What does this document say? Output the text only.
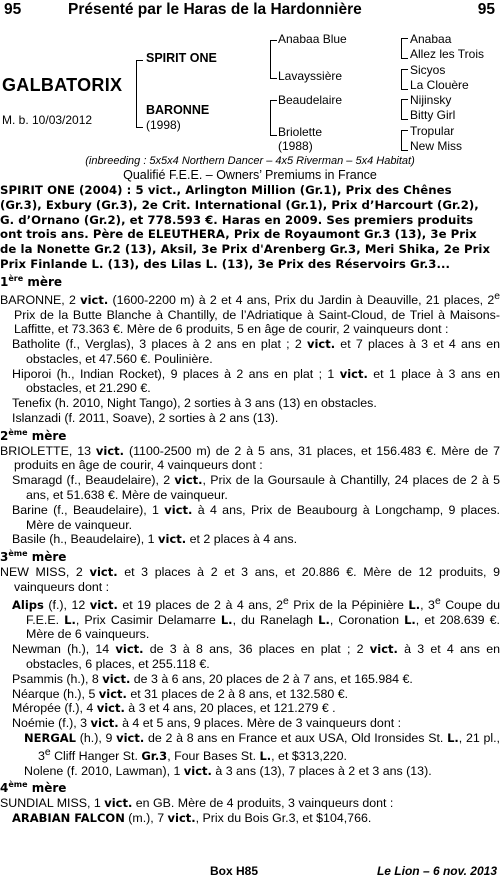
95	Présenté par le Haras de la Hardonnière	95
GALBATORIX
M. b. 10/03/2012
SPIRIT ONE
BARONNE
(1998)
Anabaa Blue
Lavayssière
Beaudelaire
Briolette
(1988)
Anabaa
Allez les Trois
Sicyos
La Clouère
Nijinsky
Bitty Girl
Tropular
New Miss
(inbreeding : 5x5x4 Northern Dancer – 4x5 Riverman – 5x4 Habitat)
Qualifié F.E.E. – Owners’ Premiums in France
SPIRIT ONE (2004) : 5 vict., Arlington Million (Gr.1), Prix des Chênes
(Gr.3), Exbury (Gr.3), 2e Crit. International (Gr.1), Prix d’Harcourt (Gr.2),
G. d’Ornano (Gr.2), et 778.593 €. Haras en 2009. Ses premiers produits
ont trois ans. Père de ELEUTHERA, Prix de Royaumont Gr.3 (13), 3e Prix
de la Nonette Gr.2 (13), Aksil, 3e Prix d'Arenberg Gr.3, Meri Shika, 2e Prix
Prix Finlande L. (13), des Lilas L. (13), 3e Prix des Réservoirs Gr.3...
1ère mère

BARONNE, 2 vict. (1600-2200 m) à 2 et 4 ans, Prix du Jardin à Deauville, 21 places, 2e Prix de la Butte Blanche à Chantilly, de l’Adriatique à Saint-Cloud, de Triel à Maisons-Laffitte, et 73.363 €. Mère de 6 produits, 5 en âge de courir, 2 vainqueurs dont :

Batholite (f., Verglas), 3 places à 2 ans en plat ; 2 vict. et 7 places à 3 et 4 ans en obstacles, et 47.560 €. Poulinière.

Hiporoi (h., Indian Rocket), 9 places à 2 ans en plat ; 1 vict. et 1 place à 3 ans en obstacles, et 21.290 €.

Tenefix (h. 2010, Night Tango), 2 sorties à 3 ans (13) en obstacles.

Islanzadi (f. 2011, Soave), 2 sorties à 2 ans (13).

2ème mère

BRIOLETTE, 13 vict. (1100-2500 m) de 2 à 5 ans, 31 places, et 156.483 €. Mère de 7 produits en âge de courir, 4 vainqueurs dont :

Smaragd (f., Beaudelaire), 2 vict., Prix de la Goursaule à Chantilly, 24 places de 2 à 5 ans, et 51.638 €. Mère de vainqueur.

Barine (f., Beaudelaire), 1 vict. à 4 ans, Prix de Beaubourg à Longchamp, 9 places. Mère de vainqueur.

Basile (h., Beaudelaire), 1 vict. et 2 places à 4 ans.

3ème mère

NEW MISS, 2 vict. et 3 places à 2 et 3 ans, et 20.886 €. Mère de 12 produits, 9 vainqueurs dont :

Alips (f.), 12 vict. et 19 places de 2 à 4 ans, 2e Prix de la Pépinière L., 3e Coupe du F.E.E. L., Prix Casimir Delamarre L., du Ranelagh L., Coronation L., et 208.639 €. Mère de 6 vainqueurs.

Newman (h.), 14 vict. de 3 à 8 ans, 36 places en plat ; 2 vict. à 3 et 4 ans en obstacles, 6 places, et 255.118 €.

Psammis (h.), 8 vict. de 3 à 6 ans, 20 places de 2 à 7 ans, et 165.984 €.

Néarque (h.), 5 vict. et 31 places de 2 à 8 ans, et 132.580 €.

Méropée (f.), 4 vict. à 3 et 4 ans, 20 places, et 121.279 € .

Noémie (f.), 3 vict. à 4 et 5 ans, 9 places. Mère de 3 vainqueurs dont :

NERGAL (h.), 9 vict. de 2 à 8 ans en France et aux USA, Old Ironsides St. L., 21 pl., 3e Cliff Hanger St. Gr.3, Four Bases St. L., et $313,220.

Nolene (f. 2010, Lawman), 1 vict. à 3 ans (13), 7 places à 2 et 3 ans (13).

4ème mère

SUNDIAL MISS, 1 vict. en GB. Mère de 4 produits, 3 vainqueurs dont :

ARABIAN FALCON (m.), 7 vict., Prix du Bois Gr.3, et $104,766.

Box H85	Le Lion – 6 nov. 2013
